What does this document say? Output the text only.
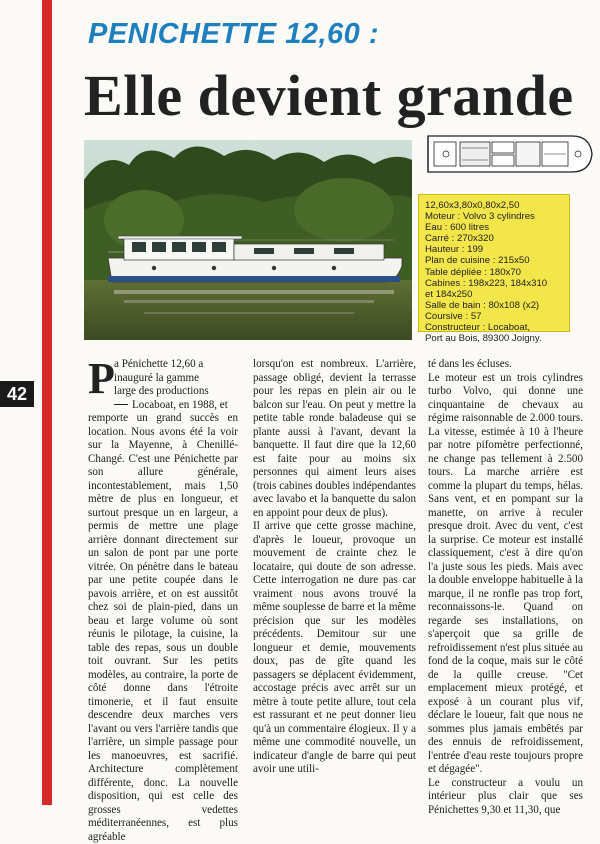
42
PENICHETTE 12,60 :
Elle devient grande
12,60x3,80x0,80x2,50
Moteur : Volvo 3 cylindres
Eau : 600 litres
Carré : 270x320
Hauteur : 199
Plan de cuisine : 215x50
Table dépliée : 180x70
Cabines : 198x223, 184x310
et 184x250
Salle de bain : 80x108 (x2)
Coursive : 57
Constructeur : Locaboat,
Port au Bois, 89300 Joigny.
P a Pénichette 12,60 a
inauguré la gamme
large des productions
Locaboat, en 1988, et

remporte un grand succès en location. Nous avons été la voir sur la Mayenne, à Chenillé-Changé. C'est une Pénichette par son allure générale, incontestablement, mais 1,50 mètre de plus en longueur, et surtout presque un en largeur, a permis de mettre une plage arrière donnant directement sur un salon de pont par une porte vitrée. On pénètre dans le bateau par une petite coupée dans le pavois arrière, et on est aussitôt chez soi de plain-pied, dans un beau et large volume où sont réunis le pilotage, la cuisine, la table des repas, sous un double toit ouvrant. Sur les petits modèles, au contraire, la porte de côté donne dans l'étroite timonerie, et il faut ensuite descendre deux marches vers l'avant ou vers l'arrière tandis que l'arrière, un simple passage pour les manoeuvres, est sacrifié. Architecture complètement différente, donc. La nouvelle disposition, qui est celle des grosses vedettes méditerranéennes, est plus agréable

lorsqu'on est nombreux. L'arrière, passage obligé, devient la terrasse pour les repas en plein air ou le balcon sur l'eau. On peut y mettre la petite table ronde baladeuse qui se plante aussi à l'avant, devant la banquette. Il faut dire que la 12,60 est faite pour au moins six personnes qui aiment leurs aises (trois cabines doubles indépendantes avec lavabo et la banquette du salon en appoint pour deux de plus).

Il arrive que cette grosse machine, d'après le loueur, provoque un mouvement de crainte chez le locataire, qui doute de son adresse. Cette interrogation ne dure pas car vraiment nous avons trouvé la même souplesse de barre et la même précision que sur les modèles précédents. Demitour sur une longueur et demie, mouvements doux, pas de gîte quand les passagers se déplacent évidemment, accostage précis avec arrêt sur un mètre à toute petite allure, tout cela est rassurant et ne peut donner lieu qu'à un commentaire élogieux. Il y a même une commodité nouvelle, un indicateur d'angle de barre qui peut avoir une utili-

té dans les écluses.

Le moteur est un trois cylindres turbo Volvo, qui donne une cinquantaine de chevaux au régime raisonnable de 2.000 tours. La vitesse, estimée à 10 à l'heure par notre pifomètre perfectionné, ne change pas tellement à 2.500 tours. La marche arrière est comme la plupart du temps, hélas. Sans vent, et en pompant sur la manette, on arrive à reculer presque droit. Avec du vent, c'est la surprise. Ce moteur est installé classiquement, c'est à dire qu'on l'a juste sous les pieds. Mais avec la double enveloppe habituelle à la marque, il ne ronfle pas trop fort, reconnaissons-le. Quand on regarde ses installations, on s'aperçoit que sa grille de refroidissement n'est plus située au fond de la coque, mais sur le côté de la quille creuse. "Cet emplacement mieux protégé, et exposé à un courant plus vif, déclare le loueur, fait que nous ne sommes plus jamais embêtés par des ennuis de refroidissement, l'entrée d'eau reste toujours propre et dégagée".

Le constructeur a voulu un intérieur plus clair que ses Pénichettes 9,30 et 11,30, que
